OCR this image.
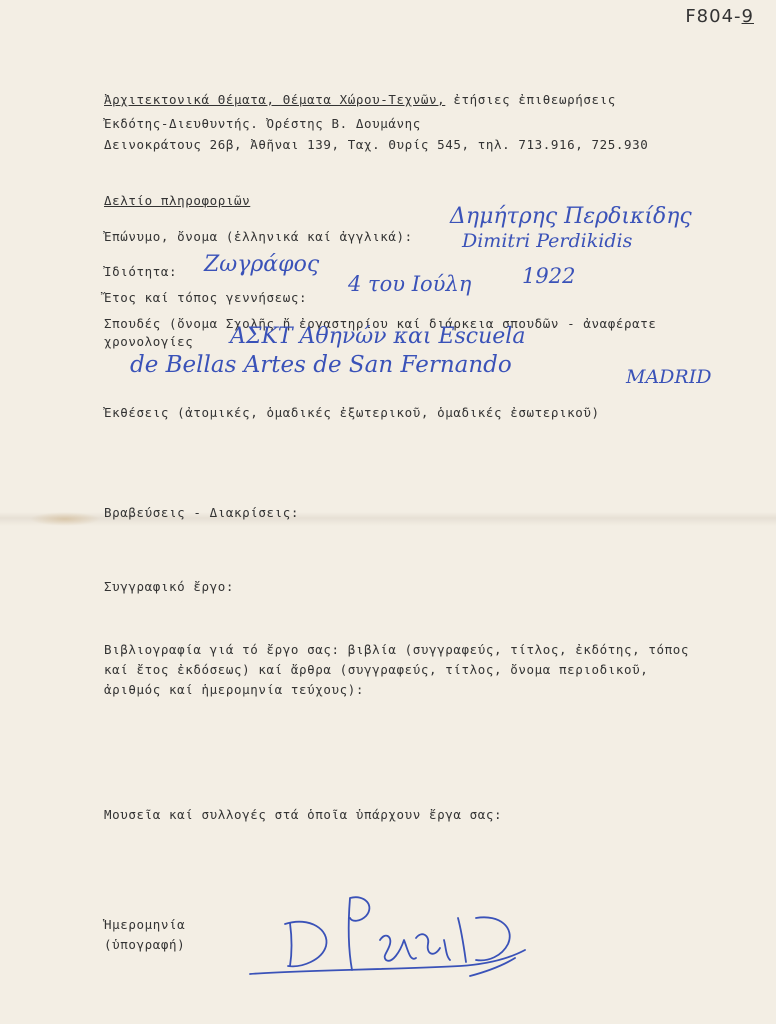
F804-9
Ἀρχιτεκτονικά Θέματα, Θέματα Χώρου-Τεχνῶν, ἐτήσιες ἐπιθεωρήσεις
Ἐκδότης-Διευθυντής. Ὀρέστης Β. Δουμάνης
Δεινοκράτους 26β, Ἀθῆναι 139, Ταχ. Θυρίς 545, τηλ. 713.916, 725.930
Δελτίο πληροφοριῶν
Ἐπώνυμο, ὄνομα (ἑλληνικά καί ἀγγλικά):
Δημήτρης Περδικίδης
Dimitri Perdikidis
Ἰδιότητα: Ζωγράφος
Ἔτος καί τόπος γεννήσεως:
4 του Ιούλη 1922
Σπουδές (ὄνομα Σχολῆς ἤ ἐργαστηρίου καί διάρκεια σπουδῶν - ἀναφέρατε
χρονολογίες ΑΣΚΤ Αθηνών και Escuela
de Bellas Artes de San Fernando	MADRID
Ἐκθέσεις (ἀτομικές, ὁμαδικές ἐξωτερικοῦ, ὁμαδικές ἐσωτερικοῦ)
Βραβεύσεις - Διακρίσεις:
Συγγραφικό ἔργο:
Βιβλιογραφία γιά τό ἔργο σας: βιβλία (συγγραφεύς, τίτλος, ἐκδότης, τόπος
καί ἔτος ἐκδόσεως) καί ἄρθρα (συγγραφεύς, τίτλος, ὄνομα περιοδικοῦ,
ἀριθμός καί ἡμερομηνία τεύχους):
Μουσεῖα καί συλλογές στά ὁποῖα ὑπάρχουν ἔργα σας:
Ἡμερομηνία
(ὑπογραφή)
